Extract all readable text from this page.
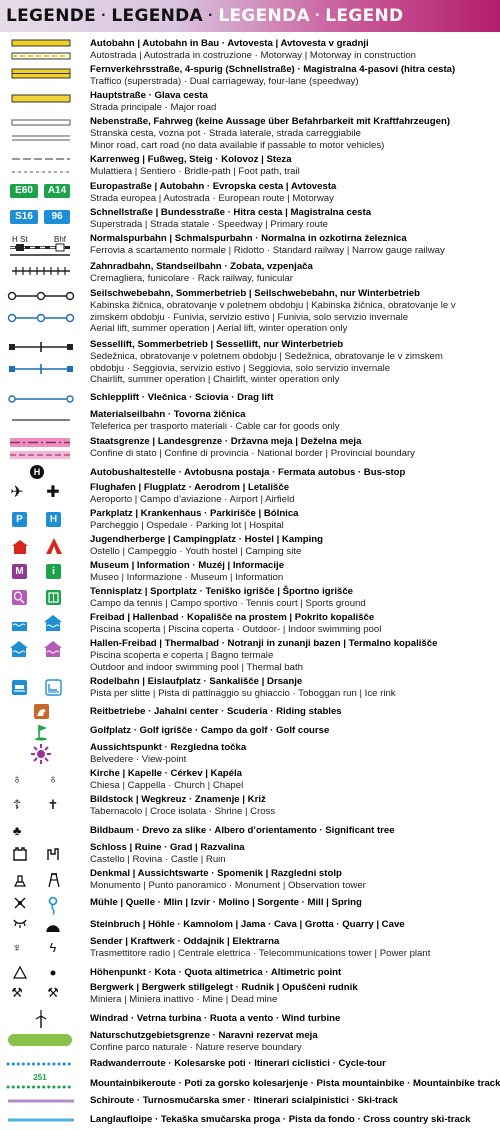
LEGENDE · LEGENDA · LEGENDA · LEGEND
Autobahn | Autobahn in Bau · Avtovesta | Avtovesta v gradnji
Autostrada | Autostrada in costruzione · Motorway | Motorway in construction
Fernverkehrsstraße, 4-spurig (Schnellstraße) · Magistralna 4-pasovi (hitra cesta)
Traffico (superstrada) · Dual carriageway, four-lane (speedway)
Hauptstraße · Glava cesta
Strada principale · Major road
Nebenstraße, Fahrweg (keine Aussage über Befahrbarkeit mit Kraftfahrzeugen)
Stranska cesta, vozna pot · Strada laterale, strada carreggiabile
Minor road, cart road (no data available if passable to motor vehicles)
Karrenweg | Fußweg, Steig · Kolovoz | Steza
Mulattiera | Sentiero · Bridle-path | Foot path, trail
E60	A14	Europastraße | Autobahn · Evropska cesta | Avtovesta
Strada europea | Autostrada · European route | Motorway
S16	96	Schnellstraße | Bundesstraße · Hitra cesta | Magistralna cesta
Superstrada | Strada statale · Speedway | Primary route
H St	Bhf Normalspurbahn | Schmalspurbahn · Normalna in ozkotirna železnica
Ferrovia a scartamento normale | Ridotto · Standard railway | Narrow gauge railway
Zahnradbahn, Standseilbahn · Zobata, vzpenjača
Cremagliera, funicolare · Rack railway, funicular
Seilschwebebahn, Sommerbetrieb | Seilschwebebahn, nur Winterbetrieb
Kabinska žičnica, obratovanje v poletnem obdobju | Kabinska žičnica, obratovanje le v
zimskem obdobju · Funivia, servizio estivo | Funivia, solo servizio invernale
Aerial lift, summer operation | Aerial lift, winter operation only
Sessellift, Sommerbetrieb | Sessellift, nur Winterbetrieb
Sedežnica, obratovanje v poletnem obdobju | Sedežnica, obratovanje le v zimskem
obdobju · Seggiovia, servizio estivo | Seggiovia, solo servizio invernale
Chairlift, summer operation | Chairlift, winter operation only
Schlepplift · Vlečnica · Sciovia · Drag lift
Materialseilbahn · Tovorna žičnica
Teleferica per trasporto materiali · Cable car for goods only
Staatsgrenze | Landesgrenze · Državna meja | Deželna meja
Confine di stato | Confine di provincia · National border | Provincial boundary
H	Autobushaltestelle · Avtobusna postaja · Fermata autobus · Bus-stop
✈ ✚	Flughafen | Flugplatz · Aerodrom | Letališče
Aeroporto | Campo d’aviazione · Airport | Airfield
P	H
Parkplatz | Krankenhaus · Parkirišče | Bólnica
Parcheggio | Ospedale · Parking lot | Hospital
Jugendherberge | Campingplatz · Hostel | Kamping
Ostello | Campeggio · Youth hostel | Camping site
M	i
Museum | Information · Muzéj | Informacije
Museo | Informazione · Museum | Information
Tennisplatz | Sportplatz · Teniško igrišče | Športno igrišče
Campo da tennis | Campo sportivo · Tennis court | Sports ground
Freibad | Hallenbad · Kopališče na prostem | Pokrito kopališče
Piscina scoperta | Piscina coperta · Outdoor- | Indoor swimming pool
Hallen-Freibad | Thermalbad · Notranji in zunanji bazen | Termalno kopališče
Piscina scoperta e coperta | Bagno termale
Outdoor and indoor swimming pool | Thermal bath
Rodelbahn | Eislaufplatz · Sankališče | Drsanje
Pista per slitte | Pista di pattinaggio su ghiaccio · Toboggan run | Ice rink
Reitbetriebe · Jahalni center · Scuderia · Riding stables
Golfplatz · Golf igrišče · Campo da golf · Golf course
Aussichtspunkt · Rezgledna točka
Belvedere · View-point
♁	♁	Kirche | Kapelle · Cérkev | Kapéla
Chiesa | Cappella · Church | Chapel
☦	✝	Bildstock | Wegkreuz · Znamenje | Križ
Tabernacolo | Croce isolata · Shrine | Cross
♣	Bildbaum · Drevo za slike · Albero d’orientamento · Significant tree
Schloss | Ruine · Grad | Razvalina
Castello | Rovina · Castle | Ruin
Denkmal | Aussichtswarte · Spomenik | Razgledni stolp
Monumento | Punto panoramico · Monument | Observation tower
Mühle | Quelle · Mlin | Izvir · Molino | Sorgente · Mill | Spring
Steinbruch | Höhle · Kamnolom | Jama · Cava | Grotta · Quarry | Cave
♆	ϟ	Sender | Kraftwerk · Oddajnik | Elektrarna
Trasmettitore radio | Centrale elettrica · Telecommunications tower | Power plant
Höhenpunkt · Kota · Quota altimetrica · Altimetric point
⚒ ⚒	Bergwerk | Bergwerk stillgelegt · Rudnik | Opuščeni rudnik
Miniera | Miniera inattivo · Mine | Dead mine
Windrad · Vetrna turbina · Ruota a vento · Wind turbine
Naturschutzgebietsgrenze · Naravni rezervat meja
Confine parco naturale · Nature reserve boundary
Radwanderroute · Kolesarske poti · Itinerari ciclistici · Cycle-tour
251
Mountainbikeroute · Poti za gorsko kolesarjenje · Pista mountainbike · Mountainbike track
Schiroute · Turnosmučarska smer · Itinerari scialpinistici · Ski-track
Langlaufloipe · Tekaška smučarska proga · Pista da fondo · Cross country ski-track
